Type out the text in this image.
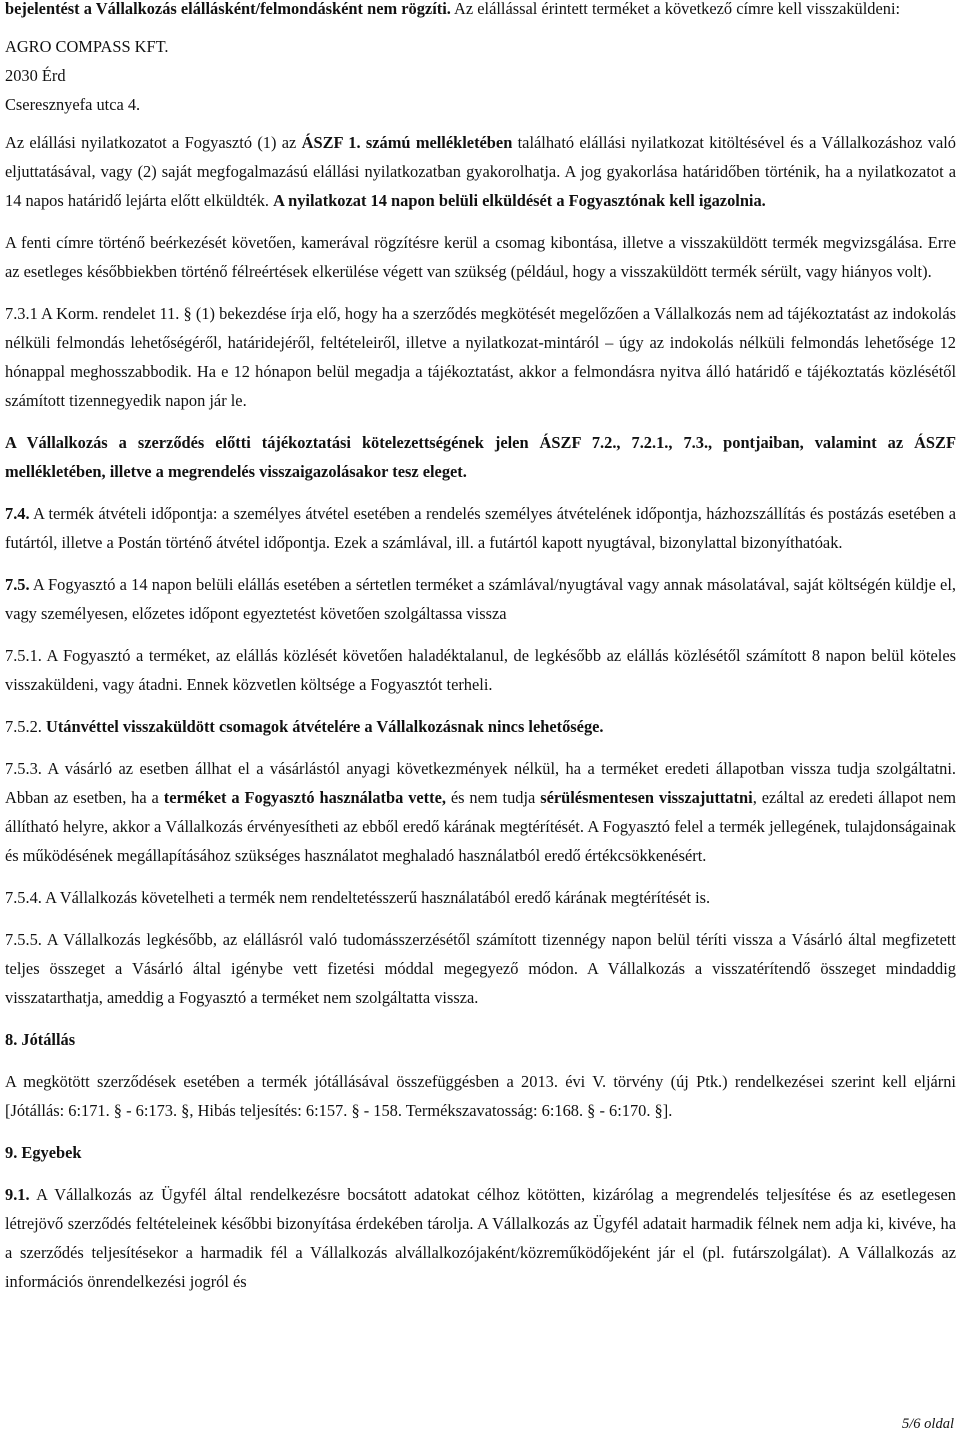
bejelentést a Vállalkozás elállásként/felmondásként nem rögzíti. Az elállással érintett terméket a következő címre kell visszaküldeni:

AGRO COMPASS KFT.

2030 Érd

Cseresznyefa utca 4.

Az elállási nyilatkozatot a Fogyasztó (1) az ÁSZF 1. számú mellékletében található elállási nyilatkozat kitöltésével és a Vállalkozáshoz való eljuttatásával, vagy (2) saját megfogalmazású elállási nyilatkozatban gyakorolhatja. A jog gyakorlása határidőben történik, ha a nyilatkozatot a 14 napos határidő lejárta előtt elküldték. A nyilatkozat 14 napon belüli elküldését a Fogyasztónak kell igazolnia.

A fenti címre történő beérkezését követően, kamerával rögzítésre kerül a csomag kibontása, illetve a visszaküldött termék megvizsgálása. Erre az esetleges későbbiekben történő félreértések elkerülése végett van szükség (például, hogy a visszaküldött termék sérült, vagy hiányos volt).

7.3.1 A Korm. rendelet 11. § (1) bekezdése írja elő, hogy ha a szerződés megkötését megelőzően a Vállalkozás nem ad tájékoztatást az indokolás nélküli felmondás lehetőségéről, határidejéről, feltételeiről, illetve a nyilatkozat-mintáról – úgy az indokolás nélküli felmondás lehetősége 12 hónappal meghosszabbodik. Ha e 12 hónapon belül megadja a tájékoztatást, akkor a felmondásra nyitva álló határidő e tájékoztatás közlésétől számított tizennegyedik napon jár le.

A Vállalkozás a szerződés előtti tájékoztatási kötelezettségének jelen ÁSZF 7.2., 7.2.1., 7.3., pontjaiban, valamint az ÁSZF mellékletében, illetve a megrendelés visszaigazolásakor tesz eleget.

7.4. A termék átvételi időpontja: a személyes átvétel esetében a rendelés személyes átvételének időpontja, házhozszállítás és postázás esetében a futártól, illetve a Postán történő átvétel időpontja. Ezek a számlával, ill. a futártól kapott nyugtával, bizonylattal bizonyíthatóak.

7.5. A Fogyasztó a 14 napon belüli elállás esetében a sértetlen terméket a számlával/nyugtával vagy annak másolatával, saját költségén küldje el, vagy személyesen, előzetes időpont egyeztetést követően szolgáltassa vissza

7.5.1. A Fogyasztó a terméket, az elállás közlését követően haladéktalanul, de legkésőbb az elállás közlésétől számított 8 napon belül köteles visszaküldeni, vagy átadni. Ennek közvetlen költsége a Fogyasztót terheli.

7.5.2. Utánvéttel visszaküldött csomagok átvételére a Vállalkozásnak nincs lehetősége.

7.5.3. A vásárló az esetben állhat el a vásárlástól anyagi következmények nélkül, ha a terméket eredeti állapotban vissza tudja szolgáltatni. Abban az esetben, ha a terméket a Fogyasztó használatba vette, és nem tudja sérülésmentesen visszajuttatni, ezáltal az eredeti állapot nem állítható helyre, akkor a Vállalkozás érvényesítheti az ebből eredő kárának megtérítését. A Fogyasztó felel a termék jellegének, tulajdonságainak és működésének megállapításához szükséges használatot meghaladó használatból eredő értékcsökkenésért.

7.5.4. A Vállalkozás követelheti a termék nem rendeltetésszerű használatából eredő kárának megtérítését is.

7.5.5. A Vállalkozás legkésőbb, az elállásról való tudomásszerzésétől számított tizennégy napon belül téríti vissza a Vásárló által megfizetett teljes összeget a Vásárló által igénybe vett fizetési móddal megegyező módon. A Vállalkozás a visszatérítendő összeget mindaddig visszatarthatja, ameddig a Fogyasztó a terméket nem szolgáltatta vissza.

8. Jótállás

A megkötött szerződések esetében a termék jótállásával összefüggésben a 2013. évi V. törvény (új Ptk.) rendelkezései szerint kell eljárni [Jótállás: 6:171. § - 6:173. §, Hibás teljesítés: 6:157. § - 158. Termékszavatosság: 6:168. § - 6:170. §].

9. Egyebek

9.1. A Vállalkozás az Ügyfél által rendelkezésre bocsátott adatokat célhoz kötötten, kizárólag a megrendelés teljesítése és az esetlegesen létrejövő szerződés feltételeinek későbbi bizonyítása érdekében tárolja. A Vállalkozás az Ügyfél adatait harmadik félnek nem adja ki, kivéve, ha a szerződés teljesítésekor a harmadik fél a Vállalkozás alvállalkozójaként/közreműködőjeként jár el (pl. futárszolgálat). A Vállalkozás az információs önrendelkezési jogról és

5/6 oldal
